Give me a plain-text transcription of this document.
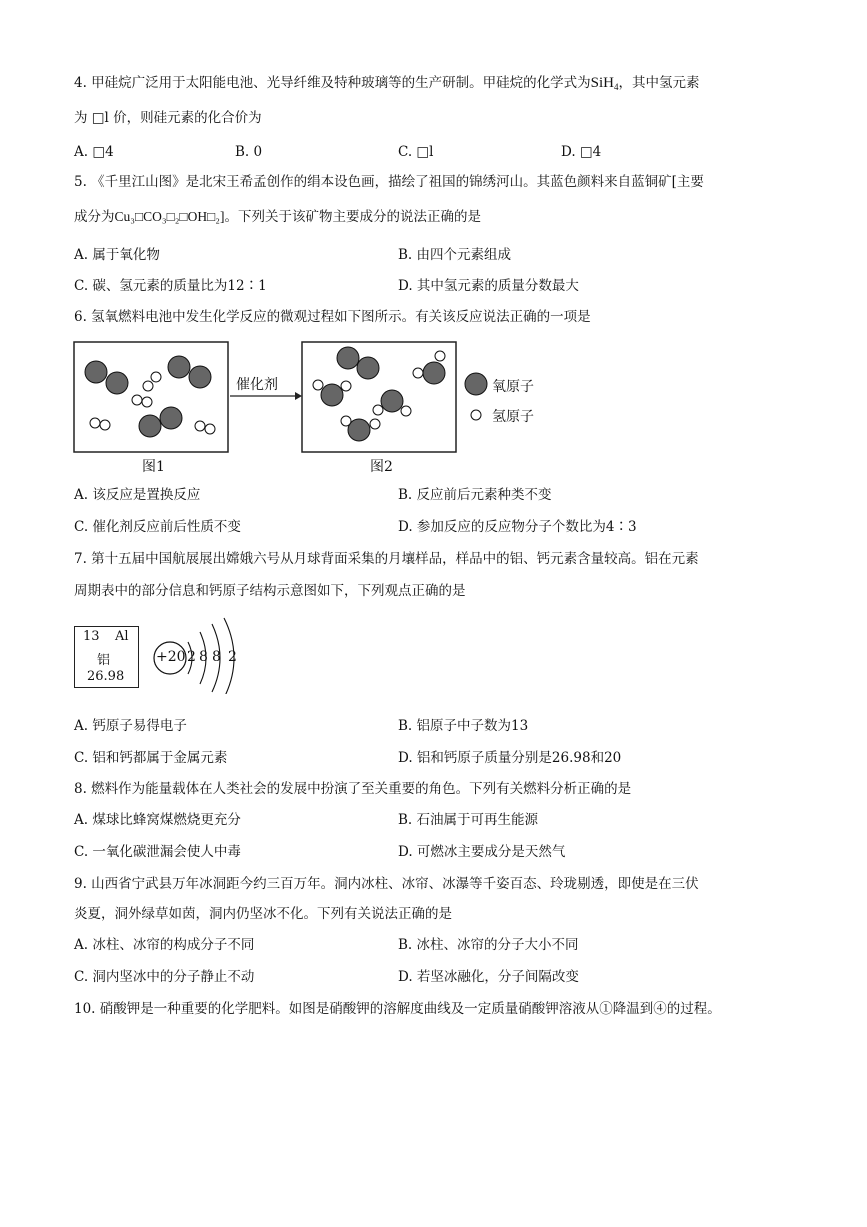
4. 甲硅烷广泛用于太阳能电池、光导纤维及特种玻璃等的生产研制。甲硅烷的化学式为SiH$_4$，其中氢元素
为 □l 价，则硅元素的化合价为
A. □4	B. 0	C. □l	D. □4
5. 《千里江山图》是北宋王希孟创作的绢本设色画，描绘了祖国的锦绣河山。其蓝色颜料来自蓝铜矿[主要
成分为Cu₃□CO₃□₂□OH□₂]。下列关于该矿物主要成分的说法正确的是
A. 属于氧化物	B. 由四个元素组成
C. 碳、氢元素的质量比为12∶1	D. 其中氢元素的质量分数最大
6. 氢氧燃料电池中发生化学反应的微观过程如下图所示。有关该反应说法正确的一项是
催化剂
图1	图2
氧原子
氢原子
A. 该反应是置换反应	B. 反应前后元素种类不变
C. 催化剂反应前后性质不变	D. 参加反应的反应物分子个数比为4∶3
7. 第十五届中国航展展出嫦娥六号从月球背面采集的月壤样品，样品中的铝、钙元素含量较高。铝在元素
周期表中的部分信息和钙原子结构示意图如下，下列观点正确的是
13 Al
铝
26.98
+20 2 8 8 2
A. 钙原子易得电子	B. 铝原子中子数为13
C. 铝和钙都属于金属元素	D. 铝和钙原子质量分别是26.98和20
8. 燃料作为能量载体在人类社会的发展中扮演了至关重要的角色。下列有关燃料分析正确的是
A. 煤球比蜂窝煤燃烧更充分	B. 石油属于可再生能源
C. 一氧化碳泄漏会使人中毒	D. 可燃冰主要成分是天然气
9. 山西省宁武县万年冰洞距今约三百万年。洞内冰柱、冰帘、冰瀑等千姿百态、玲珑剔透，即使是在三伏
炎夏，洞外绿草如茵，洞内仍坚冰不化。下列有关说法正确的是
A. 冰柱、冰帘的构成分子不同	B. 冰柱、冰帘的分子大小不同
C. 洞内坚冰中的分子静止不动	D. 若坚冰融化，分子间隔改变
10. 硝酸钾是一种重要的化学肥料。如图是硝酸钾的溶解度曲线及一定质量硝酸钾溶液从①降温到④的过程。
